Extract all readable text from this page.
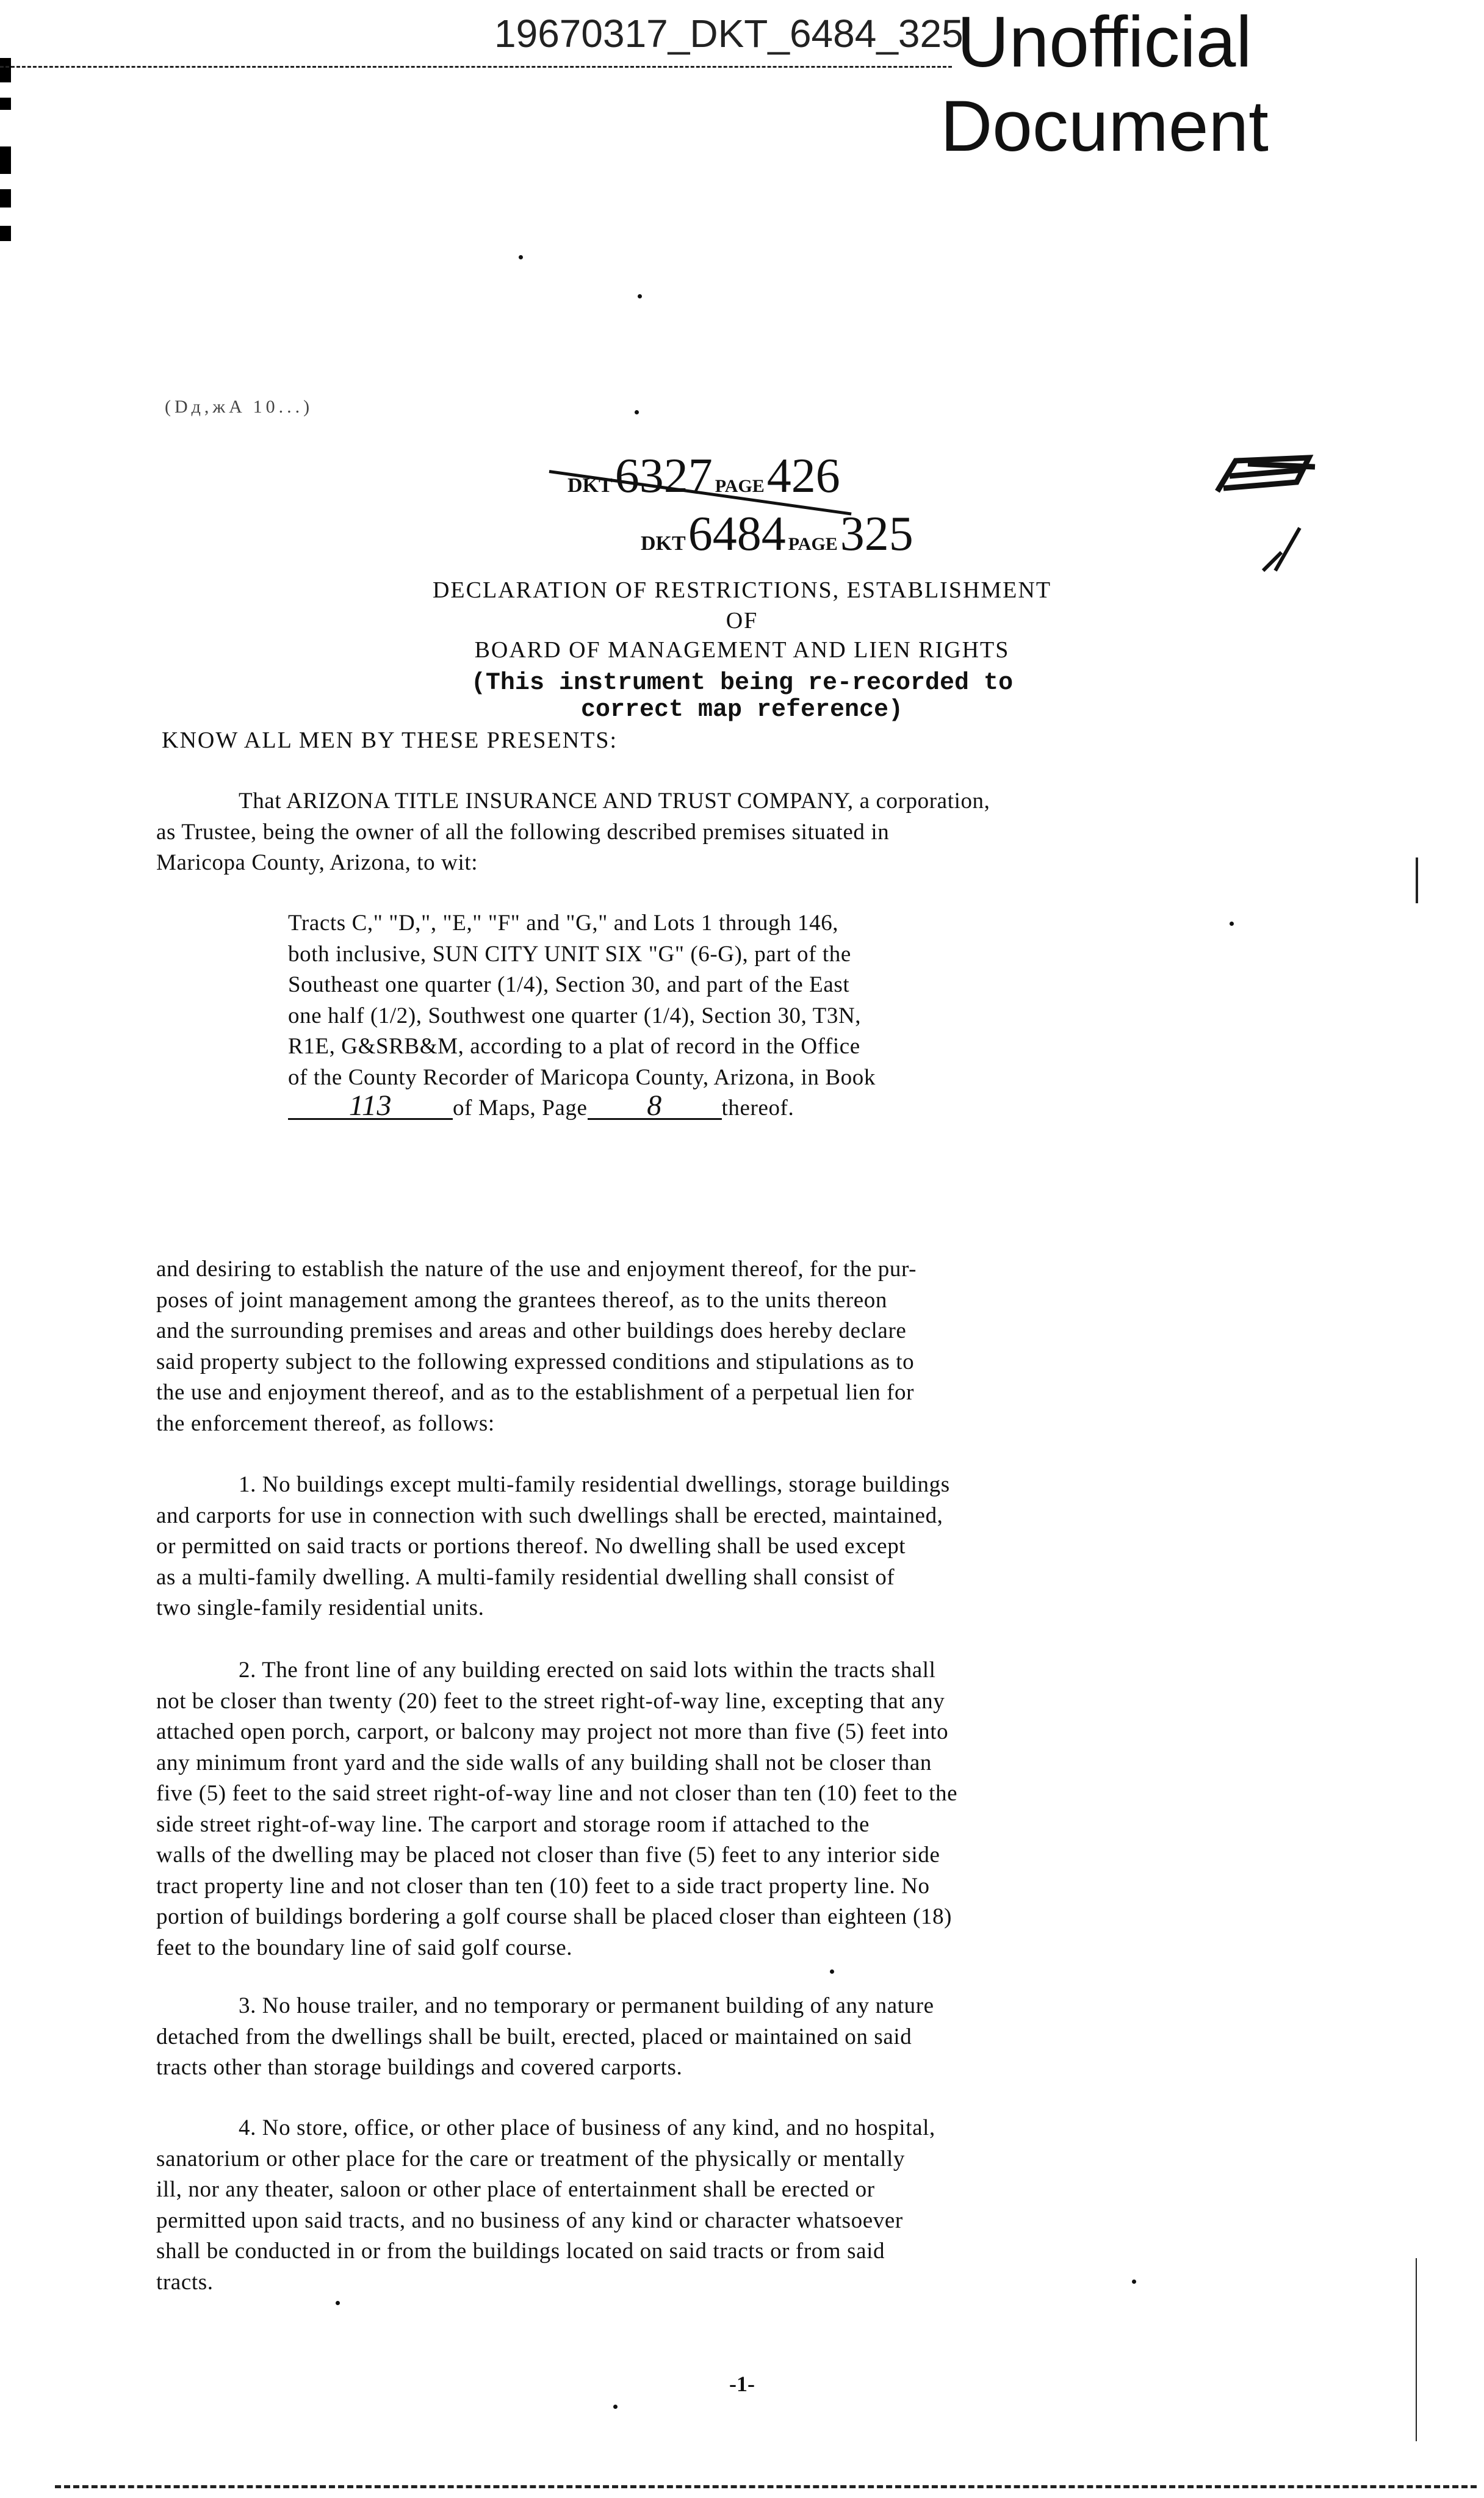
19670317_DKT_6484_325
Unofficial
Document
(Dд,жA 10...)
DKT 6327 PAGE 426
DKT 6484 PAGE 325
DECLARATION OF RESTRICTIONS, ESTABLISHMENT
OF
BOARD OF MANAGEMENT AND LIEN RIGHTS
(This instrument being re-recorded to
correct map reference)
KNOW ALL MEN BY THESE PRESENTS:

That ARIZONA TITLE INSURANCE AND TRUST COMPANY, a corporation,

as Trustee, being the owner of all the following described premises situated in

Maricopa County, Arizona, to wit:

Tracts C," "D,", "E," "F" and "G," and Lots 1 through 146,

both inclusive, SUN CITY UNIT SIX "G" (6-G), part of the

Southeast one quarter (1/4), Section 30, and part of the East

one half (1/2), Southwest one quarter (1/4), Section 30, T3N,

R1E, G&SRB&M, according to a plat of record in the Office

of the County Recorder of Maricopa County, Arizona, in Book

113	of Maps, Page 8	thereof.

and desiring to establish the nature of the use and enjoyment thereof, for the pur-

poses of joint management among the grantees thereof, as to the units thereon

and the surrounding premises and areas and other buildings does hereby declare

said property subject to the following expressed conditions and stipulations as to

the use and enjoyment thereof, and as to the establishment of a perpetual lien for

the enforcement thereof, as follows:

1. No buildings except multi-family residential dwellings, storage buildings

and carports for use in connection with such dwellings shall be erected, maintained,

or permitted on said tracts or portions thereof. No dwelling shall be used except

as a multi-family dwelling. A multi-family residential dwelling shall consist of

two single-family residential units.

2. The front line of any building erected on said lots within the tracts shall

not be closer than twenty (20) feet to the street right-of-way line, excepting that any

attached open porch, carport, or balcony may project not more than five (5) feet into

any minimum front yard and the side walls of any building shall not be closer than

five (5) feet to the said street right-of-way line and not closer than ten (10) feet to the

side street right-of-way line. The carport and storage room if attached to the

walls of the dwelling may be placed not closer than five (5) feet to any interior side

tract property line and not closer than ten (10) feet to a side tract property line. No

portion of buildings bordering a golf course shall be placed closer than eighteen (18)

feet to the boundary line of said golf course.

3. No house trailer, and no temporary or permanent building of any nature

detached from the dwellings shall be built, erected, placed or maintained on said

tracts other than storage buildings and covered carports.

4. No store, office, or other place of business of any kind, and no hospital,

sanatorium or other place for the care or treatment of the physically or mentally

ill, nor any theater, saloon or other place of entertainment shall be erected or

permitted upon said tracts, and no business of any kind or character whatsoever

shall be conducted in or from the buildings located on said tracts or from said

tracts.

-1-
